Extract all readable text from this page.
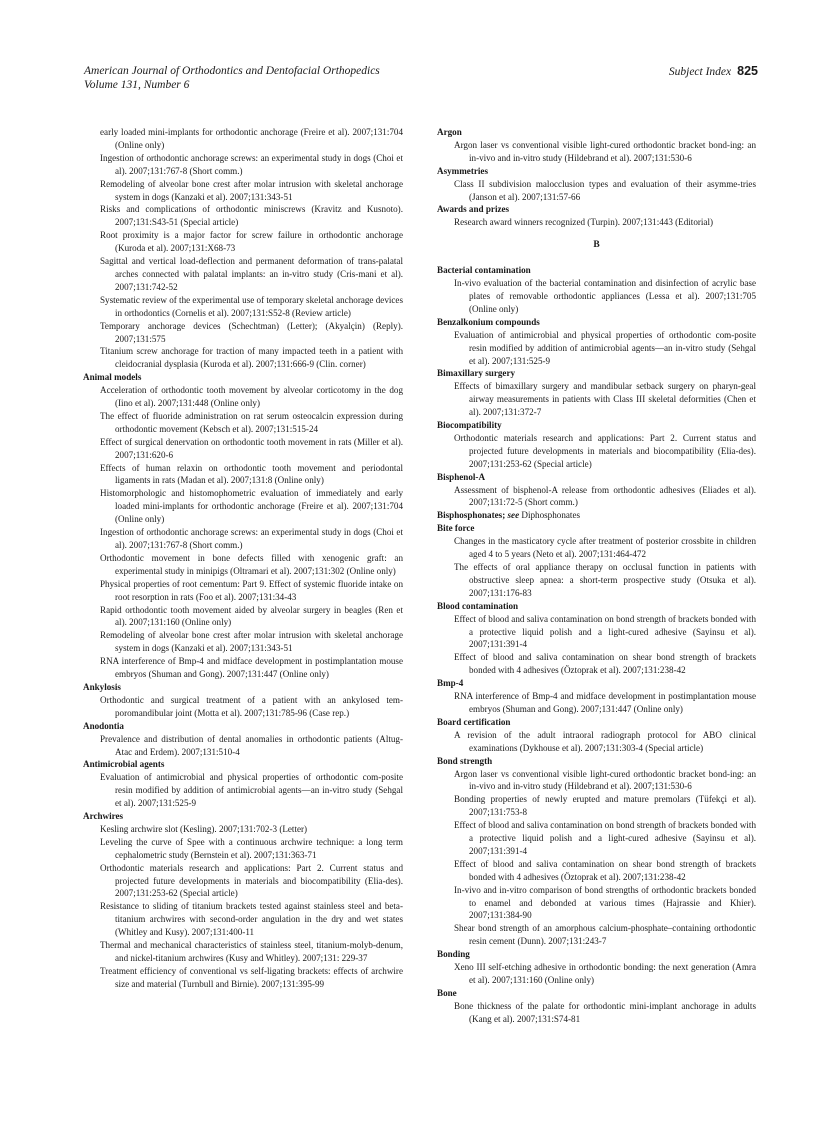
American Journal of Orthodontics and Dentofacial Orthopedics
Volume 131, Number 6
Subject Index 825
early loaded mini-implants for orthodontic anchorage (Freire et al). 2007;131:704 (Online only)
Ingestion of orthodontic anchorage screws: an experimental study in dogs (Choi et al). 2007;131:767-8 (Short comm.)
Remodeling of alveolar bone crest after molar intrusion with skeletal anchorage system in dogs (Kanzaki et al). 2007;131:343-51
Risks and complications of orthodontic miniscrews (Kravitz and Kusnoto). 2007;131:S43-51 (Special article)
Root proximity is a major factor for screw failure in orthodontic anchorage (Kuroda et al). 2007;131:X68-73
Sagittal and vertical load-deflection and permanent deformation of trans-palatal arches connected with palatal implants: an in-vitro study (Cris-mani et al). 2007;131:742-52
Systematic review of the experimental use of temporary skeletal anchorage devices in orthodontics (Cornelis et al). 2007;131:S52-8 (Review article)
Temporary anchorage devices (Schechtman) (Letter); (Akyalçin) (Reply). 2007;131:575
Titanium screw anchorage for traction of many impacted teeth in a patient with cleidocranial dysplasia (Kuroda et al). 2007;131:666-9 (Clin. corner)
Animal models
Acceleration of orthodontic tooth movement by alveolar corticotomy in the dog (Iino et al). 2007;131:448 (Online only)
The effect of fluoride administration on rat serum osteocalcin expression during orthodontic movement (Kebsch et al). 2007;131:515-24
Effect of surgical denervation on orthodontic tooth movement in rats (Miller et al). 2007;131:620-6
Effects of human relaxin on orthodontic tooth movement and periodontal ligaments in rats (Madan et al). 2007;131:8 (Online only)
Histomorphologic and histomophometric evaluation of immediately and early loaded mini-implants for orthodontic anchorage (Freire et al). 2007;131:704 (Online only)
Ingestion of orthodontic anchorage screws: an experimental study in dogs (Choi et al). 2007;131:767-8 (Short comm.)
Orthodontic movement in bone defects filled with xenogenic graft: an experimental study in minipigs (Oltramari et al). 2007;131:302 (Online only)
Physical properties of root cementum: Part 9. Effect of systemic fluoride intake on root resorption in rats (Foo et al). 2007;131:34-43
Rapid orthodontic tooth movement aided by alveolar surgery in beagles (Ren et al). 2007;131:160 (Online only)
Remodeling of alveolar bone crest after molar intrusion with skeletal anchorage system in dogs (Kanzaki et al). 2007;131:343-51
RNA interference of Bmp-4 and midface development in postimplantation mouse embryos (Shuman and Gong). 2007;131:447 (Online only)
Ankylosis
Orthodontic and surgical treatment of a patient with an ankylosed tem-poromandibular joint (Motta et al). 2007;131:785-96 (Case rep.)
Anodontia
Prevalence and distribution of dental anomalies in orthodontic patients (Altug-Atac and Erdem). 2007;131:510-4
Antimicrobial agents
Evaluation of antimicrobial and physical properties of orthodontic com-posite resin modified by addition of antimicrobial agents—an in-vitro study (Sehgal et al). 2007;131:525-9
Archwires
Kesling archwire slot (Kesling). 2007;131:702-3 (Letter)
Leveling the curve of Spee with a continuous archwire technique: a long term cephalometric study (Bernstein et al). 2007;131:363-71
Orthodontic materials research and applications: Part 2. Current status and projected future developments in materials and biocompatibility (Elia-des). 2007;131:253-62 (Special article)
Resistance to sliding of titanium brackets tested against stainless steel and beta-titanium archwires with second-order angulation in the dry and wet states (Whitley and Kusy). 2007;131:400-11
Thermal and mechanical characteristics of stainless steel, titanium-molyb-denum, and nickel-titanium archwires (Kusy and Whitley). 2007;131: 229-37
Treatment efficiency of conventional vs self-ligating brackets: effects of archwire size and material (Turnbull and Birnie). 2007;131:395-99
Argon
Argon laser vs conventional visible light-cured orthodontic bracket bond-ing: an in-vivo and in-vitro study (Hildebrand et al). 2007;131:530-6
Asymmetries
Class II subdivision malocclusion types and evaluation of their asymme-tries (Janson et al). 2007;131:57-66
Awards and prizes
Research award winners recognized (Turpin). 2007;131:443 (Editorial)
B
Bacterial contamination
In-vivo evaluation of the bacterial contamination and disinfection of acrylic base plates of removable orthodontic appliances (Lessa et al). 2007;131:705 (Online only)
Benzalkonium compounds
Evaluation of antimicrobial and physical properties of orthodontic com-posite resin modified by addition of antimicrobial agents—an in-vitro study (Sehgal et al). 2007;131:525-9
Bimaxillary surgery
Effects of bimaxillary surgery and mandibular setback surgery on pharyn-geal airway measurements in patients with Class III skeletal deformities (Chen et al). 2007;131:372-7
Biocompatibility
Orthodontic materials research and applications: Part 2. Current status and projected future developments in materials and biocompatibility (Elia-des). 2007;131:253-62 (Special article)
Bisphenol-A
Assessment of bisphenol-A release from orthodontic adhesives (Eliades et al). 2007;131:72-5 (Short comm.)
Bisphosphonates; see Diphosphonates
Bite force
Changes in the masticatory cycle after treatment of posterior crossbite in children aged 4 to 5 years (Neto et al). 2007;131:464-472
The effects of oral appliance therapy on occlusal function in patients with obstructive sleep apnea: a short-term prospective study (Otsuka et al). 2007;131:176-83
Blood contamination
Effect of blood and saliva contamination on bond strength of brackets bonded with a protective liquid polish and a light-cured adhesive (Sayinsu et al). 2007;131:391-4
Effect of blood and saliva contamination on shear bond strength of brackets bonded with 4 adhesives (Öztoprak et al). 2007;131:238-42
Bmp-4
RNA interference of Bmp-4 and midface development in postimplantation mouse embryos (Shuman and Gong). 2007;131:447 (Online only)
Board certification
A revision of the adult intraoral radiograph protocol for ABO clinical examinations (Dykhouse et al). 2007;131:303-4 (Special article)
Bond strength
Argon laser vs conventional visible light-cured orthodontic bracket bond-ing: an in-vivo and in-vitro study (Hildebrand et al). 2007;131:530-6
Bonding properties of newly erupted and mature premolars (Tüfekçi et al). 2007;131:753-8
Effect of blood and saliva contamination on bond strength of brackets bonded with a protective liquid polish and a light-cured adhesive (Sayinsu et al). 2007;131:391-4
Effect of blood and saliva contamination on shear bond strength of brackets bonded with 4 adhesives (Öztoprak et al). 2007;131:238-42
In-vivo and in-vitro comparison of bond strengths of orthodontic brackets bonded to enamel and debonded at various times (Hajrassie and Khier). 2007;131:384-90
Shear bond strength of an amorphous calcium-phosphate–containing orthodontic resin cement (Dunn). 2007;131:243-7
Bonding
Xeno III self-etching adhesive in orthodontic bonding: the next generation (Amra et al). 2007;131:160 (Online only)
Bone
Bone thickness of the palate for orthodontic mini-implant anchorage in adults (Kang et al). 2007;131:S74-81
